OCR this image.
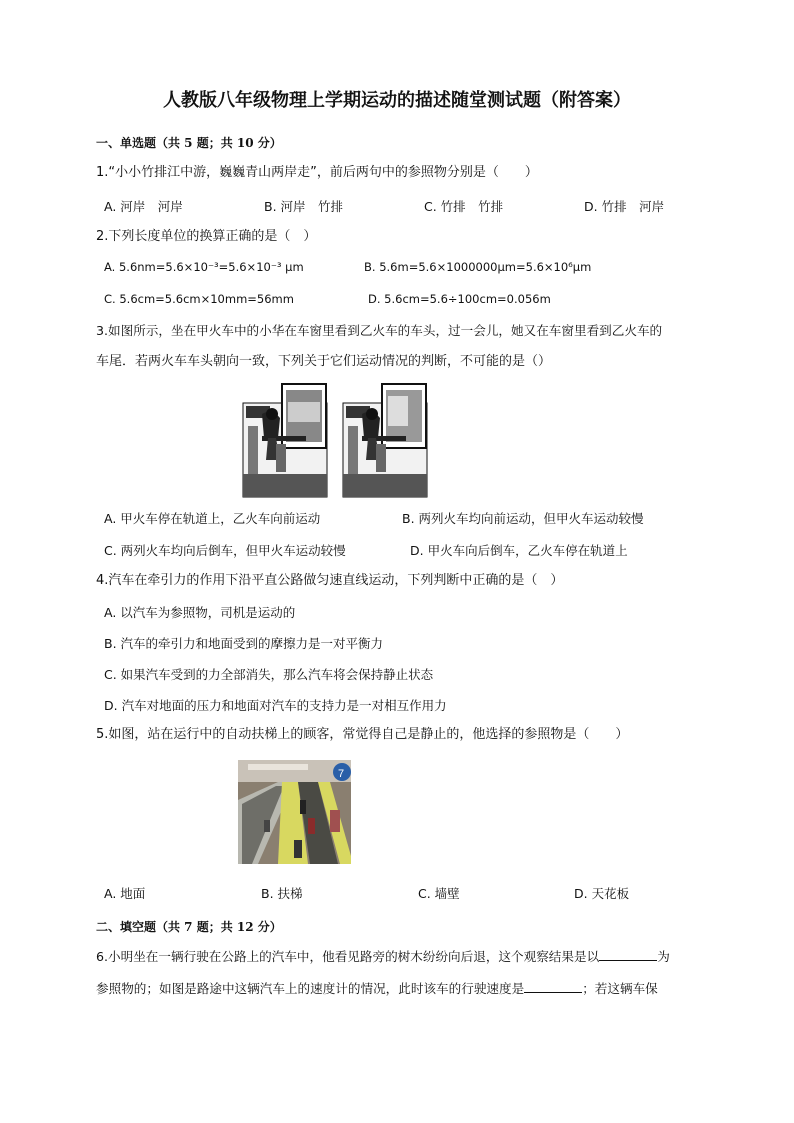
人教版八年级物理上学期运动的描述随堂测试题（附答案）
一、单选题（共 5 题；共 10 分）
1.“小小竹排江中游，巍巍青山两岸走”，前后两句中的参照物分别是（　　）
A. 河岸　河岸	B. 河岸　竹排	C. 竹排　竹排	D. 竹排　河岸
2.下列长度单位的换算正确的是（　）
A. 5.6nm=5.6×10⁻³=5.6×10⁻³ μm	B. 5.6m=5.6×1000000μm=5.6×10⁶μm
C. 5.6cm=5.6cm×10mm=56mm	D. 5.6cm=5.6÷100cm=0.056m
3.如图所示，坐在甲火车中的小华在车窗里看到乙火车的车头，过一会儿，她又在车窗里看到乙火车的
车尾．若两火车车头朝向一致，下列关于它们运动情况的判断，不可能的是（）
A. 甲火车停在轨道上，乙火车向前运动	B. 两列火车均向前运动，但甲火车运动较慢
C. 两列火车均向后倒车，但甲火车运动较慢	D. 甲火车向后倒车，乙火车停在轨道上
4.汽车在牵引力的作用下沿平直公路做匀速直线运动，下列判断中正确的是（　）
A. 以汽车为参照物，司机是运动的
B. 汽车的牵引力和地面受到的摩擦力是一对平衡力
C. 如果汽车受到的力全部消失，那么汽车将会保持静止状态
D. 汽车对地面的压力和地面对汽车的支持力是一对相互作用力
5.如图，站在运行中的自动扶梯上的顾客，常觉得自己是静止的，他选择的参照物是（　　）
7
A. 地面	B. 扶梯	C. 墙壁	D. 天花板
二、填空题（共 7 题；共 12 分）
6.小明坐在一辆行驶在公路上的汽车中，他看见路旁的树木纷纷向后退，这个观察结果是以	为
参照物的；如图是路途中这辆汽车上的速度计的情况，此时该车的行驶速度是	；若这辆车保
